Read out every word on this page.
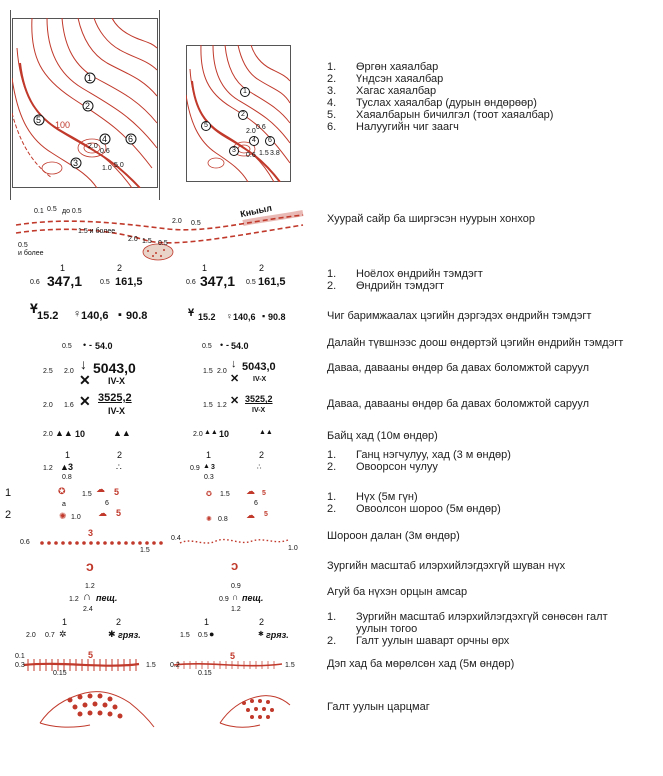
1
2
5
3
4 6
100
2.0
0.6
1.0 5.0
1
2
5
3
4 6
2.0
0.6
1.5
0.6 3.8
0.1 0.5 до 0.5
1.5 и более
0.5
и более
2.0 0.5
1.5 0.5
2.0
Кныыл
1	2
0.6 347,1	0.5 161,5
1	2
0.6 347,1 0.5 161,5
Ұ 15.2 ♀ 140,6 ▪ 90.8	Ұ 15.2 ♀ 140,6 ▪ 90.8
0.5 • - 54.0	0.5 • - 54.0
2.5 2.0 ↓
✕
5043,0
IV-X
1.5 2.0
↓
✕
5043,0
IV-X
2.0 1.6 ✕ 3525,2
IV-X
1.5 1.2 ✕ 3525,2
IV-X
2.0 ▲▲ 10	▲▲	2.0 ▲▲ 10	▲▲
1	2
1.2 ▲ 3
0.8
∴
1	2
0.9 ▲ 3
0.3
∴
1
2
✪ 1.5
☁ 5
a	6
✺ 1.0 ☁ 5
✪ 1.5 ☁ 5
6
✺ 0.8 ☁ 5
0.6
3
1.5
0.4
1.0
ↄ	ↄ
1.2
1.2 ∩ пещ.
2.4
0.9
0.9 ∩ пещ.
1.2
1	2
2.0 0.7 ✲	✱ гряз.
1	2
1.5 0.5 ●	✱ гряз.
0.1
0.3
5
1.5
0.15
0.2
5
1.5
0.15
1.	Өргөн хаяалбар
2.	Үндсэн хаяалбар
3.	Хагас хаяалбар
4.	Туслах хаяалбар (дурын өндөрөөр)
5.	Хаяалбарын бичилгэл (тоот хаяалбар)
6.	Налуугийн чиг заагч
Хуурай сайр ба ширгэсэн нуурын хонхор
1.	Ноёлох өндрийн тэмдэгт
2.	Өндрийн тэмдэгт
Чиг баримжаалах цэгийн дэргэдэх өндрийн тэмдэгт
Далайн түвшнээс доош өндөртэй цэгийн өндрийн тэмдэгт
Даваа, давааны өндөр ба давах боломжтой саруул
Даваа, давааны өндөр ба давах боломжтой саруул
Байц хад (10м өндөр)
1.	Ганц нэгчулуу, хад (3 м өндөр)
2.	Овоорсон чулуу
1.	Нүх (5м гүн)
2.	Овоолсон шороо (5м өндөр)
Шороон далан (3м өндөр)
Зургийн масштаб илэрхийлэгдэхгүй шуван нүх
Агуй ба нүхэн орцын амсар
1.	Зургийн масштаб илэрхийлэгдэхгүй сөнөсөн галт уулын тогоо
2.	Галт уулын шаварт орчны өрх
Дэп хад ба мөрөлсөн хад (5м өндөр)
Галт уулын царцмаг
